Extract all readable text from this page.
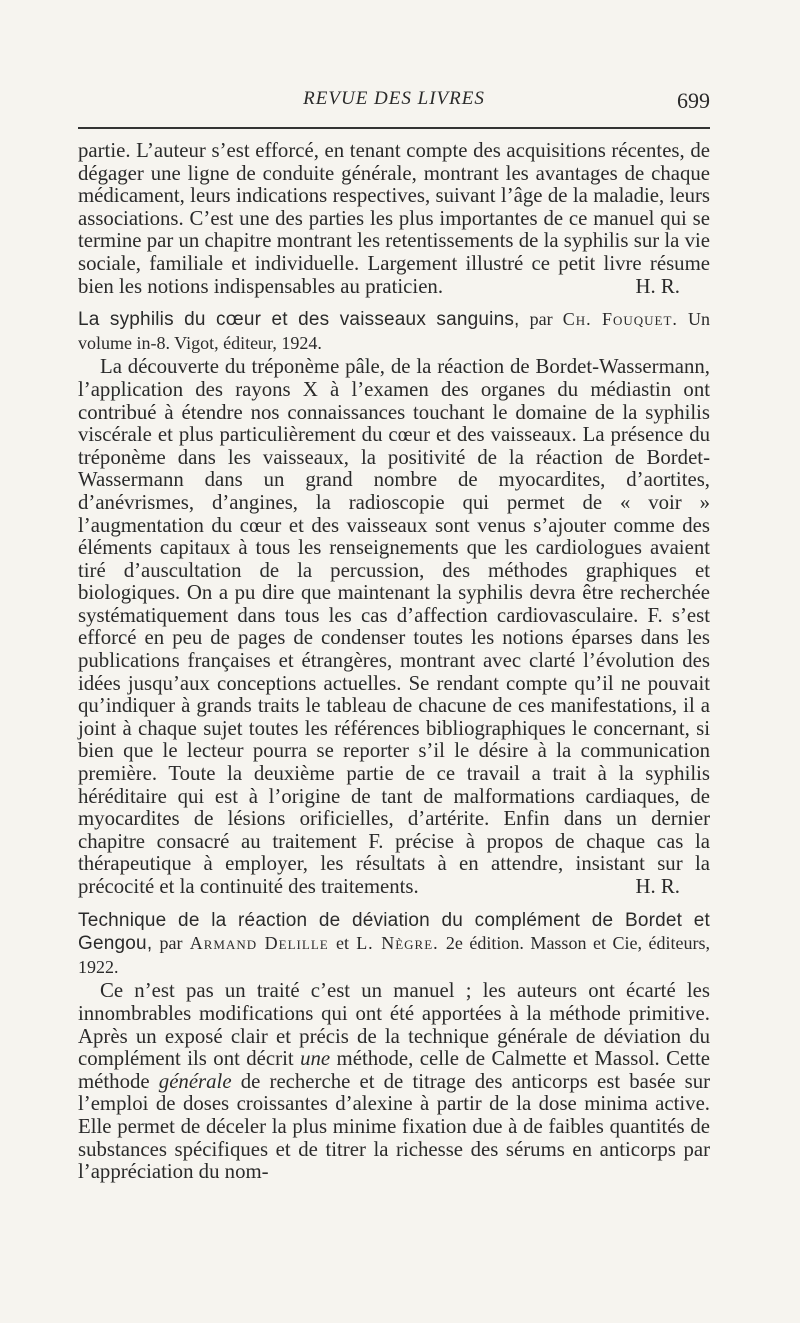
REVUE DES LIVRES	699

partie. L’auteur s’est efforcé, en tenant compte des acquisitions récentes, de dégager une ligne de conduite générale, montrant les avantages de chaque médicament, leurs indications respectives, suivant l’âge de la maladie, leurs associations. C’est une des parties les plus importantes de ce manuel qui se termine par un chapitre montrant les retentissements de la syphilis sur la vie sociale, familiale et individuelle. Largement illustré ce petit livre résume bien les notions indispensables au praticien.	H. R.

La syphilis du cœur et des vaisseaux sanguins, par Ch. Fouquet. Un volume in-8. Vigot, éditeur, 1924.

La découverte du tréponème pâle, de la réaction de Bordet-Wassermann, l’application des rayons X à l’examen des organes du médiastin ont contribué à étendre nos connaissances touchant le domaine de la syphilis viscérale et plus particulièrement du cœur et des vaisseaux. La présence du tréponème dans les vaisseaux, la positivité de la réaction de Bordet-Wassermann dans un grand nombre de myocardites, d’aortites, d’anévrismes, d’angines, la radioscopie qui permet de « voir » l’augmentation du cœur et des vaisseaux sont venus s’ajouter comme des éléments capitaux à tous les renseignements que les cardiologues avaient tiré d’auscultation de la percussion, des méthodes graphiques et biologiques. On a pu dire que maintenant la syphilis devra être recherchée systématiquement dans tous les cas d’affection cardiovasculaire. F. s’est efforcé en peu de pages de condenser toutes les notions éparses dans les publications françaises et étrangères, montrant avec clarté l’évolution des idées jusqu’aux conceptions actuelles. Se rendant compte qu’il ne pouvait qu’indiquer à grands traits le tableau de chacune de ces manifestations, il a joint à chaque sujet toutes les références bibliographiques le concernant, si bien que le lecteur pourra se reporter s’il le désire à la communication première. Toute la deuxième partie de ce travail a trait à la syphilis héréditaire qui est à l’origine de tant de malformations cardiaques, de myocardites de lésions orificielles, d’artérite. Enfin dans un dernier chapitre consacré au traitement F. précise à propos de chaque cas la thérapeutique à employer, les résultats à en attendre, insistant sur la précocité et la continuité des traitements.	H. R.

Technique de la réaction de déviation du complément de Bordet et Gengou, par Armand Delille et L. Nègre. 2e édition. Masson et Cie, éditeurs, 1922.

Ce n’est pas un traité c’est un manuel ; les auteurs ont écarté les innombrables modifications qui ont été apportées à la méthode primitive. Après un exposé clair et précis de la technique générale de déviation du complément ils ont décrit une méthode, celle de Calmette et Massol. Cette méthode générale de recherche et de titrage des anticorps est basée sur l’emploi de doses croissantes d’alexine à partir de la dose minima active. Elle permet de déceler la plus minime fixation due à de faibles quantités de substances spécifiques et de titrer la richesse des sérums en anticorps par l’appréciation du nom-
